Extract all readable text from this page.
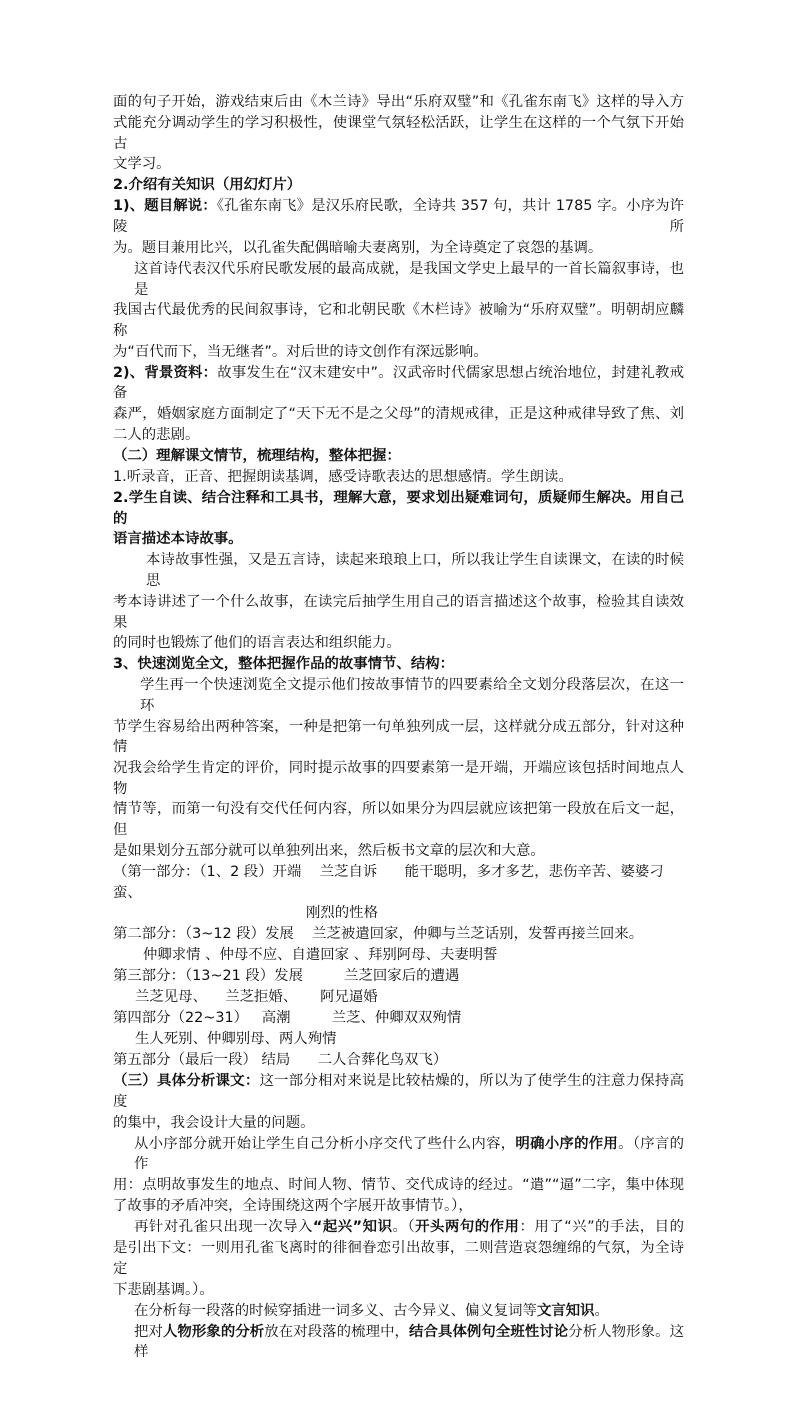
面的句子开始，游戏结束后由《木兰诗》导出“乐府双璧”和《孔雀东南飞》这样的导入方
式能充分调动学生的学习积极性，使课堂气氛轻松活跃，让学生在这样的一个气氛下开始古
文学习。
2.介绍有关知识（用幻灯片）
1)、题目解说：《孔雀东南飞》是汉乐府民歌，全诗共 357 句，共计 1785 字。小序为许陵所
为。题目兼用比兴，以孔雀失配偶暗喻夫妻离别，为全诗奠定了哀怨的基调。
这首诗代表汉代乐府民歌发展的最高成就，是我国文学史上最早的一首长篇叙事诗，也是
我国古代最优秀的民间叙事诗，它和北朝民歌《木栏诗》被喻为“乐府双璧”。明朝胡应麟称
为“百代而下，当无继者”。对后世的诗文创作有深远影响。
2)、背景资料：故事发生在“汉末建安中”。汉武帝时代儒家思想占统治地位，封建礼教戒备
森严，婚姻家庭方面制定了“天下无不是之父母”的清规戒律，正是这种戒律导致了焦、刘
二人的悲剧。
（二）理解课文情节，梳理结构，整体把握：
1.听录音，正音、把握朗读基调，感受诗歌表达的思想感情。学生朗读。
2.学生自读、结合注释和工具书，理解大意，要求划出疑难词句，质疑师生解决。用自己的
语言描述本诗故事。
本诗故事性强，又是五言诗，读起来琅琅上口，所以我让学生自读课文，在读的时候思
考本诗讲述了一个什么故事，在读完后抽学生用自己的语言描述这个故事，检验其自读效果
的同时也锻炼了他们的语言表达和组织能力。
3、快速浏览全文，整体把握作品的故事情节、结构：
学生再一个快速浏览全文提示他们按故事情节的四要素给全文划分段落层次，在这一环
节学生容易给出两种答案，一种是把第一句单独列成一层，这样就分成五部分，针对这种情
况我会给学生肯定的评价，同时提示故事的四要素第一是开端，开端应该包括时间地点人物
情节等，而第一句没有交代任何内容，所以如果分为四层就应该把第一段放在后文一起，但
是如果划分五部分就可以单独列出来，然后板书文章的层次和大意。
（第一部分：（1、2 段）开端    兰芝自诉      能干聪明，多才多艺，悲伤辛苦、婆婆刁蛮、
刚烈的性格
第二部分：（3~12 段）发展    兰芝被遣回家，仲卿与兰芝话别，发誓再接兰回来。
仲卿求情 、仲母不应、自遣回家 、拜别阿母、夫妻明誓
第三部分：（13~21 段）发展         兰芝回家后的遭遇
兰芝见母、    兰芝拒婚、     阿兄逼婚
第四部分（22~31）   高潮         兰芝、仲卿双双殉情
生人死别、仲卿别母、两人殉情
第五部分（最后一段） 结局      二人合葬化鸟双飞）
（三）具体分析课文：这一部分相对来说是比较枯燥的，所以为了使学生的注意力保持高度
的集中，我会设计大量的问题。
从小序部分就开始让学生自己分析小序交代了些什么内容，明确小序的作用。（序言的作
用：点明故事发生的地点、时间人物、情节、交代成诗的经过。“遣”“逼”二字，集中体现
了故事的矛盾冲突，全诗围绕这两个字展开故事情节。），
再针对孔雀只出现一次导入“起兴”知识。（开头两句的作用：用了“兴”的手法，目的
是引出下文：一则用孔雀飞离时的徘徊眷恋引出故事，二则营造哀怨缠绵的气氛，为全诗定
下悲剧基调。）。
在分析每一段落的时候穿插进一词多义、古今异义、偏义复词等文言知识。
把对人物形象的分析放在对段落的梳理中，结合具体例句全班性讨论分析人物形象。这样
